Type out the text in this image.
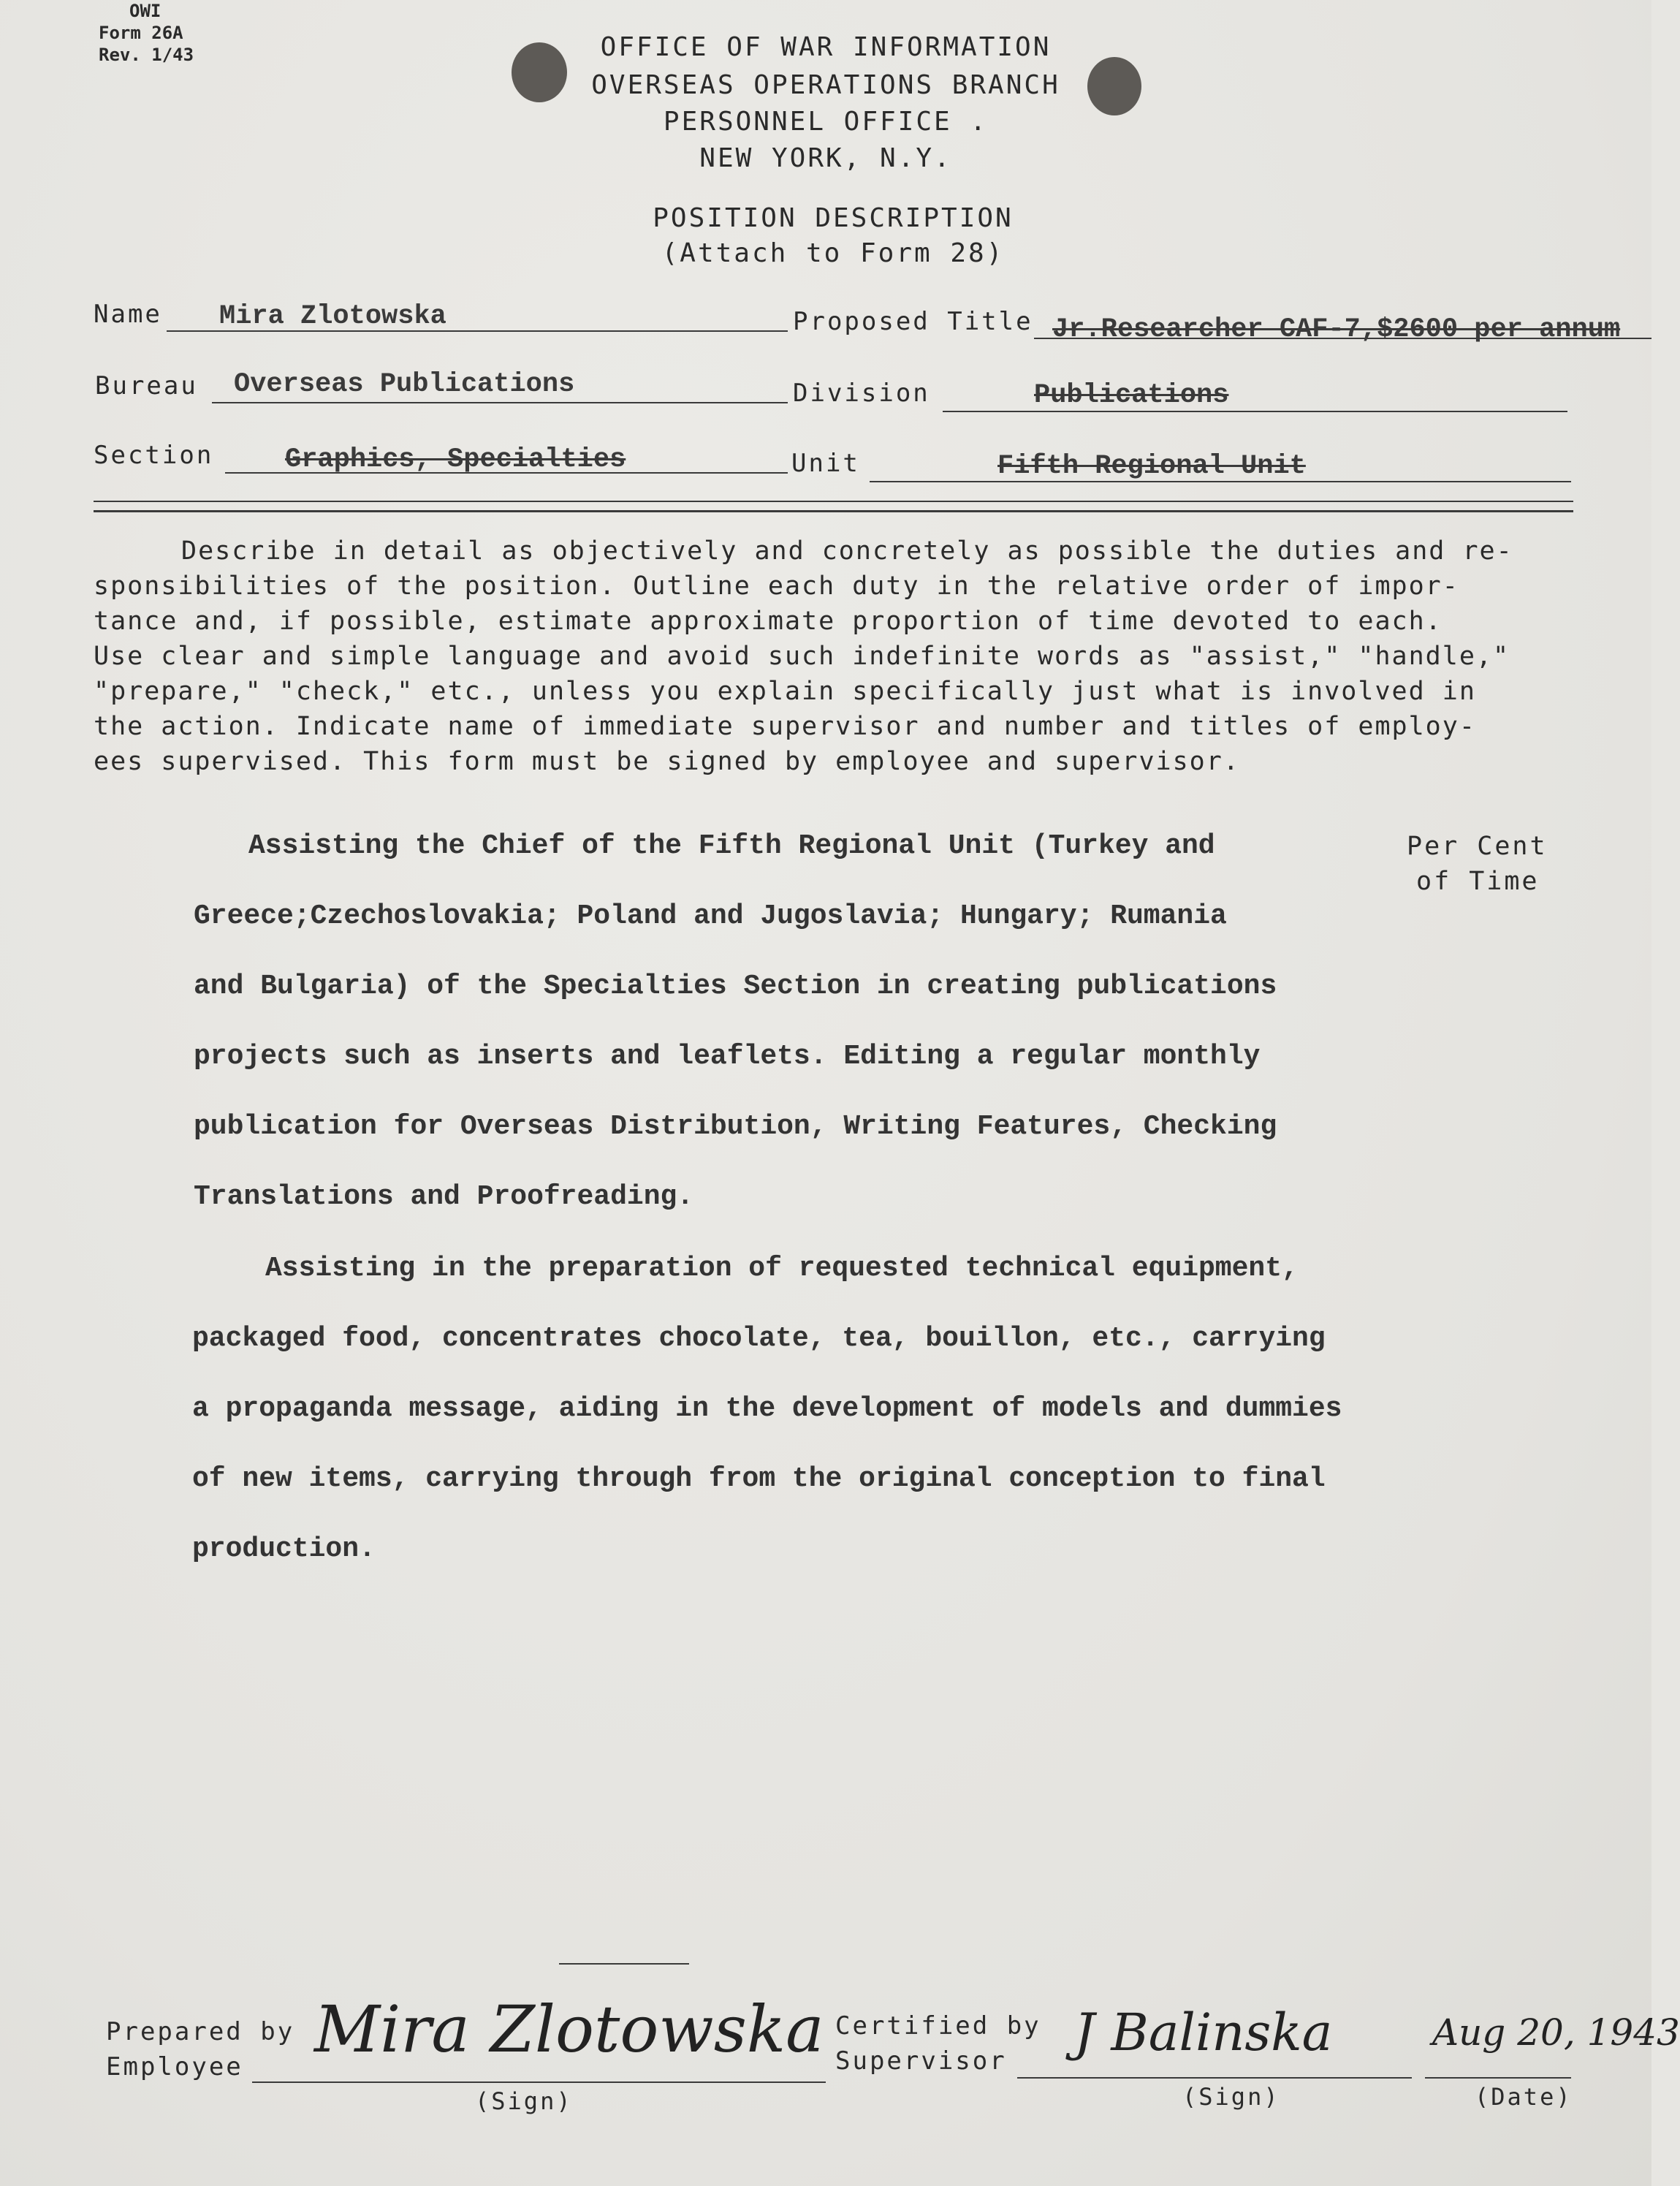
OWI
Form 26A
Rev. 1/43	OFFICE OF WAR INFORMATION
OVERSEAS OPERATIONS BRANCH
PERSONNEL OFFICE .
NEW YORK, N.Y.
POSITION DESCRIPTION
(Attach to Form 28)
Name Mira Zlotowska	Proposed Title Jr.Researcher CAF-7,$2600 per annum
Bureau Overseas Publications	Division	Publications
Section	Graphics, Specialties	Unit	Fifth Regional Unit
Describe in detail as objectively and concretely as possible the duties and re-
sponsibilities of the position. Outline each duty in the relative order of impor-
tance and, if possible, estimate approximate proportion of time devoted to each.
Use clear and simple language and avoid such indefinite words as "assist," "handle,"
"prepare," "check," etc., unless you explain specifically just what is involved in
the action. Indicate name of immediate supervisor and number and titles of employ-
ees supervised. This form must be signed by employee and supervisor.
Per Cent
of Time
Assisting the Chief of the Fifth Regional Unit (Turkey and
Greece;Czechoslovakia; Poland and Jugoslavia; Hungary; Rumania
and Bulgaria) of the Specialties Section in creating publications
projects such as inserts and leaflets. Editing a regular monthly
publication for Overseas Distribution, Writing Features, Checking
Translations and Proofreading.
Assisting in the preparation of requested technical equipment,
packaged food, concentrates chocolate, tea, bouillon, etc., carrying
a propaganda message, aiding in the development of models and dummies
of new items, carrying through from the original conception to final
production.
Prepared by
Employee Mira Zlotowska
(Sign)
Certified by
Supervisor J Balinska
(Sign)
Aug 20, 1943
(Date)
